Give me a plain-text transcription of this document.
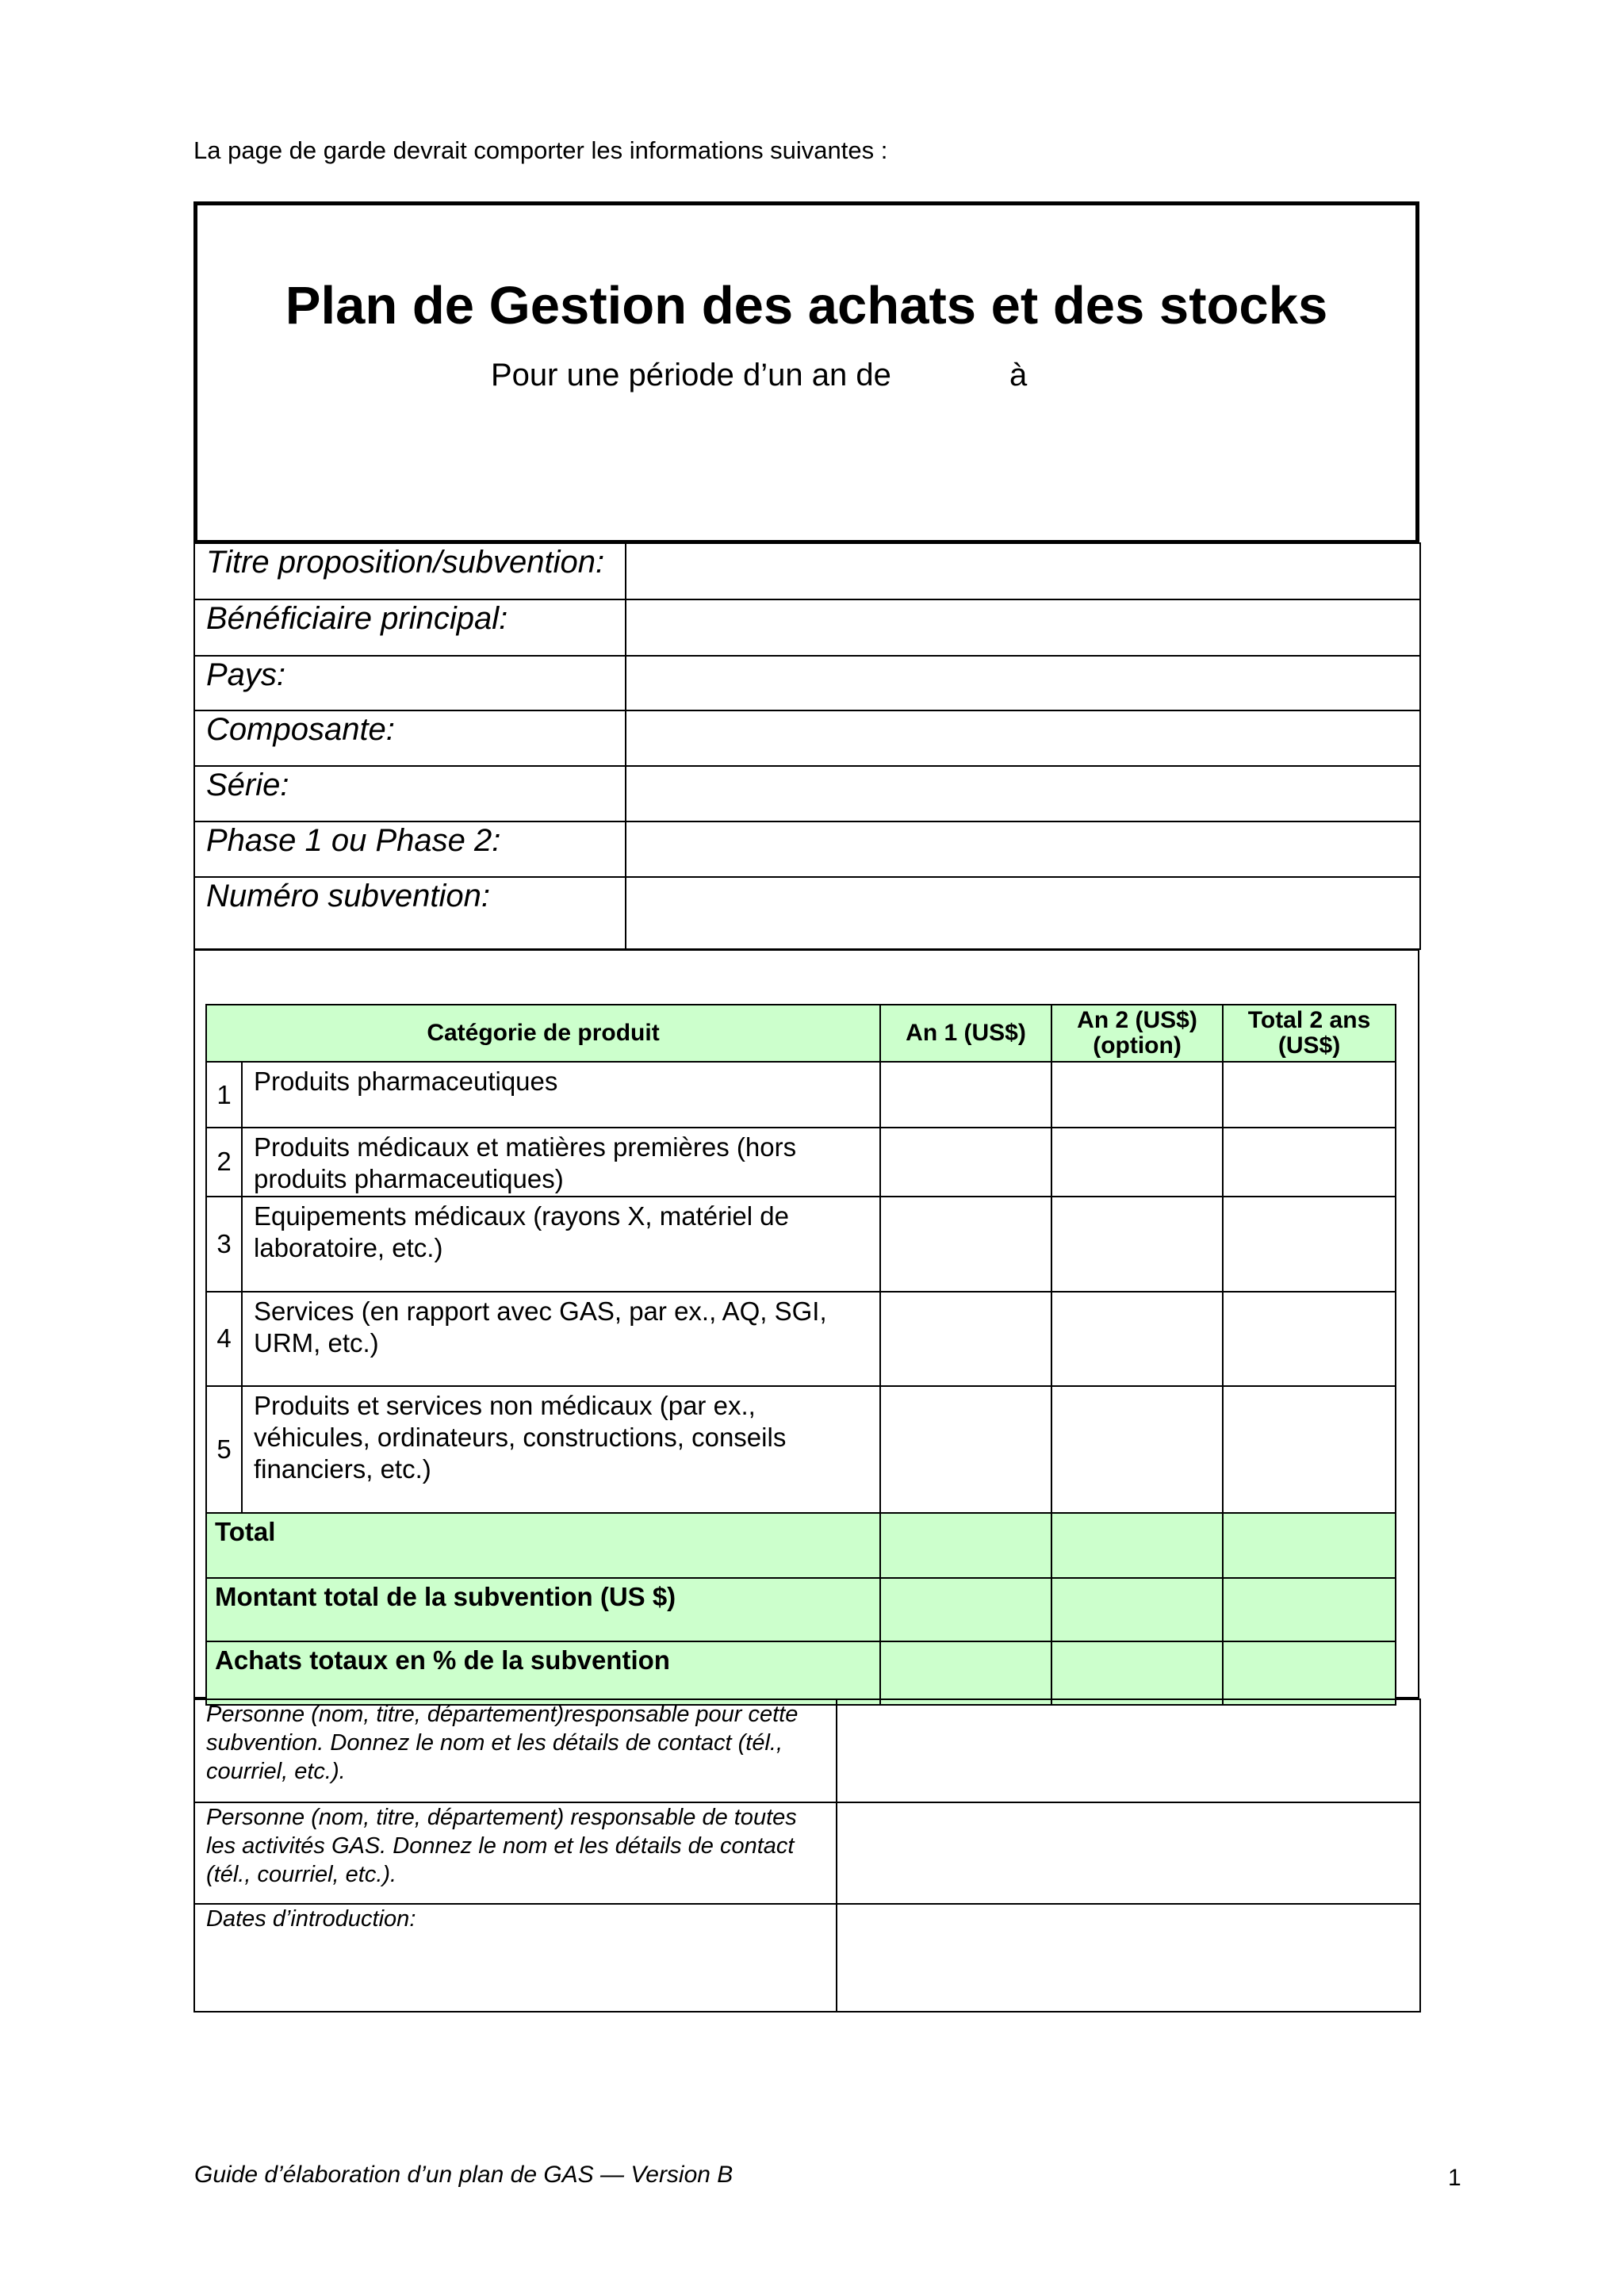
La page de garde devrait comporter les informations suivantes :
Plan de Gestion des achats et des stocks
Pour une période d’un an de	à
Titre proposition/subvention:	
Bénéficiaire principal:	
Pays:	
Composante:	
Série:	
Phase 1 ou Phase 2:	
Numéro subvention:	
Catégorie de produit		An 1 (US$)	An 2 (US$) (option)	Total 2 ans (US$)
1	Produits pharmaceutiques			
2	Produits médicaux et matières premières (hors produits pharmaceutiques)			
3	Equipements médicaux (rayons X, matériel de laboratoire, etc.)			
4	Services (en rapport avec GAS, par ex., AQ, SGI, URM, etc.)			
5	Produits et services non médicaux (par ex., véhicules, ordinateurs, constructions, conseils financiers, etc.)			
Total				
Montant total de la subvention (US $)				
Achats totaux en % de la subvention				
Personne (nom, titre, département)responsable pour cette subvention. Donnez le nom et les détails de contact (tél., courriel, etc.).	
Personne (nom, titre, département) responsable de toutes les activités GAS. Donnez le nom et les détails de contact (tél., courriel, etc.).	
Dates d’introduction:	
Guide d’élaboration d’un plan de GAS — Version B	1
